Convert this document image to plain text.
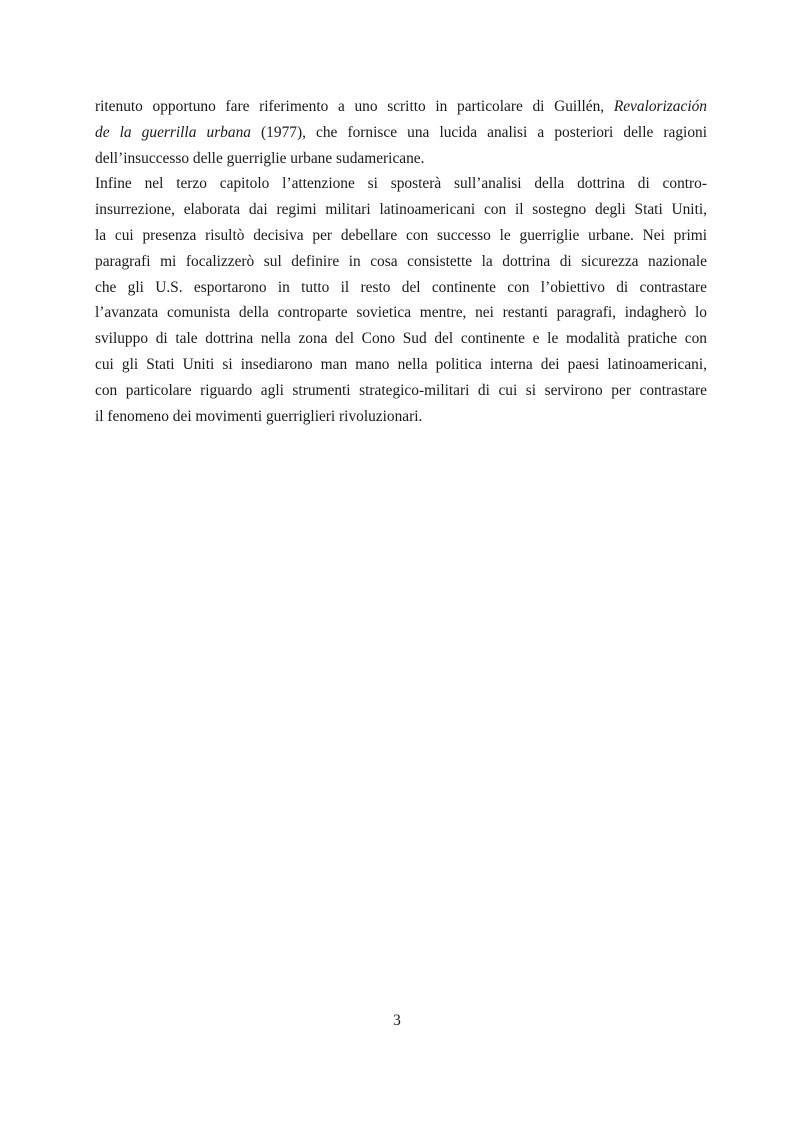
ritenuto opportuno fare riferimento a uno scritto in particolare di Guillén, Revalorización
de la guerrilla urbana (1977), che fornisce una lucida analisi a posteriori delle ragioni
dell’insuccesso delle guerriglie urbane sudamericane.

Infine nel terzo capitolo l’attenzione si sposterà sull’analisi della dottrina di contro-
insurrezione, elaborata dai regimi militari latinoamericani con il sostegno degli Stati Uniti,
la cui presenza risultò decisiva per debellare con successo le guerriglie urbane. Nei primi
paragrafi mi focalizzerò sul definire in cosa consistette la dottrina di sicurezza nazionale
che gli U.S. esportarono in tutto il resto del continente con l’obiettivo di contrastare
l’avanzata comunista della controparte sovietica mentre, nei restanti paragrafi, indagherò lo
sviluppo di tale dottrina nella zona del Cono Sud del continente e le modalità pratiche con
cui gli Stati Uniti si insediarono man mano nella politica interna dei paesi latinoamericani,
con particolare riguardo agli strumenti strategico-militari di cui si servirono per contrastare
il fenomeno dei movimenti guerriglieri rivoluzionari.

3
